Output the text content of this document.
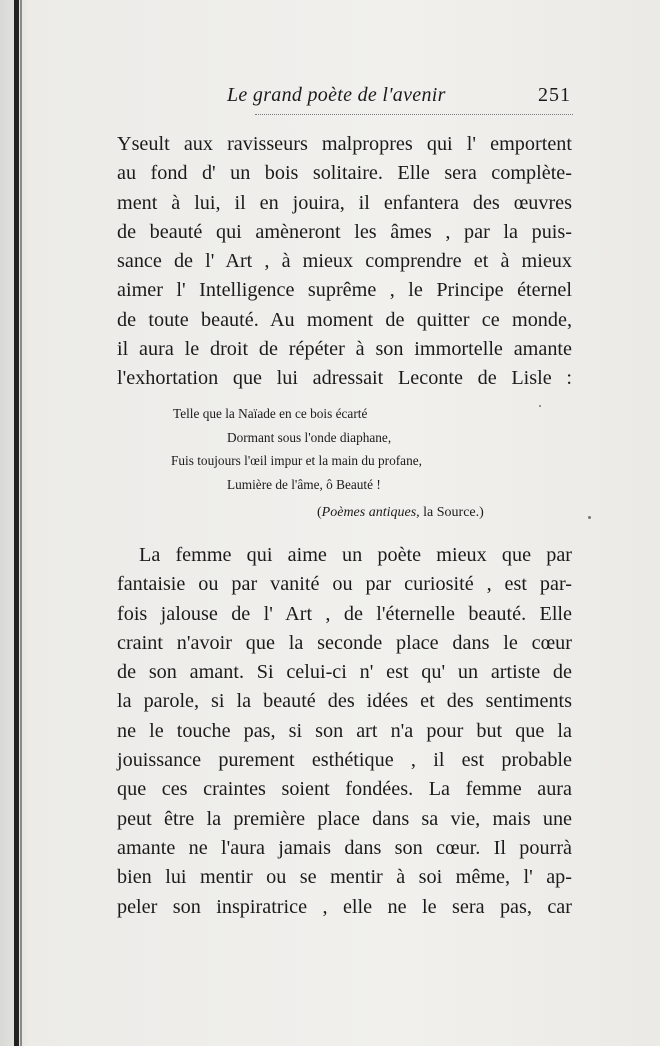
Le grand poète de l'avenir	251
Yseult aux ravisseurs malpropres qui l' emportent
au fond d' un bois solitaire. Elle sera complète-
ment à lui, il en jouira, il enfantera des œuvres
de beauté qui amèneront les âmes , par la puis-
sance de l' Art , à mieux comprendre et à mieux
aimer l' Intelligence suprême , le Principe éternel
de toute beauté. Au moment de quitter ce monde,
il aura le droit de répéter à son immortelle amante
l'exhortation que lui adressait Leconte de Lisle :
Telle que la Naïade en ce bois écarté
Dormant sous l'onde diaphane,
Fuis toujours l'œil impur et la main du profane,
Lumière de l'âme, ô Beauté !
(Poèmes antiques, la Source.)
La femme qui aime un poète mieux que par
fantaisie ou par vanité ou par curiosité , est par-
fois jalouse de l' Art , de l'éternelle beauté. Elle
craint n'avoir que la seconde place dans le cœur
de son amant. Si celui-ci n' est qu' un artiste de
la parole, si la beauté des idées et des sentiments
ne le touche pas, si son art n'a pour but que la
jouissance purement esthétique , il est probable
que ces craintes soient fondées. La femme aura
peut être la première place dans sa vie, mais une
amante ne l'aura jamais dans son cœur. Il pourrà
bien lui mentir ou se mentir à soi même, l' ap-
peler son inspiratrice , elle ne le sera pas, car
